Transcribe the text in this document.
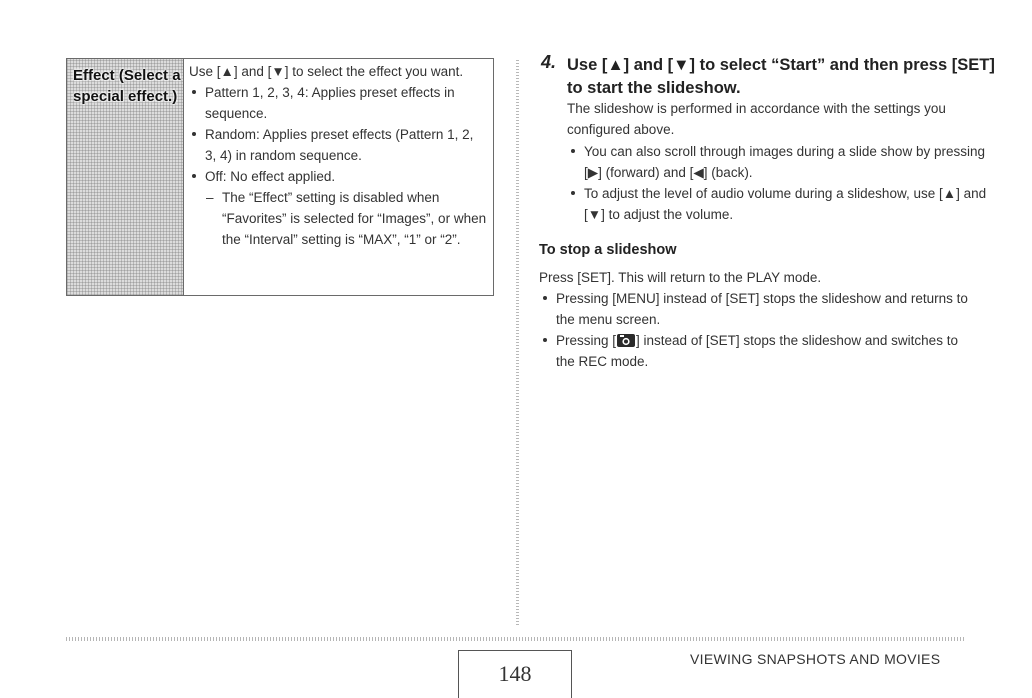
Effect (Select a special effect.)

Use [▲] and [▼] to select the effect you want.

Pattern 1, 2, 3, 4: Applies preset effects in sequence.
Random: Applies preset effects (Pattern 1, 2, 3, 4) in random sequence.
Off: No effect applied.
– The “Effect” setting is disabled when “Favorites” is selected for “Images”, or when the “Interval” setting is “MAX”, “1” or “2”.
4. Use [▲] and [▼] to select “Start” and then press [SET] to start the slideshow.

The slideshow is performed in accordance with the settings you configured above.

You can also scroll through images during a slide show by pressing [▶] (forward) and [◀] (back).
To adjust the level of audio volume during a slideshow, use [▲] and [▼] to adjust the volume.
To stop a slideshow

Press [SET]. This will return to the PLAY mode.

Pressing [MENU] instead of [SET] stops the slideshow and returns to the menu screen.
Pressing [ ] instead of [SET] stops the slideshow and switches to the REC mode.
148
VIEWING SNAPSHOTS AND MOVIES
